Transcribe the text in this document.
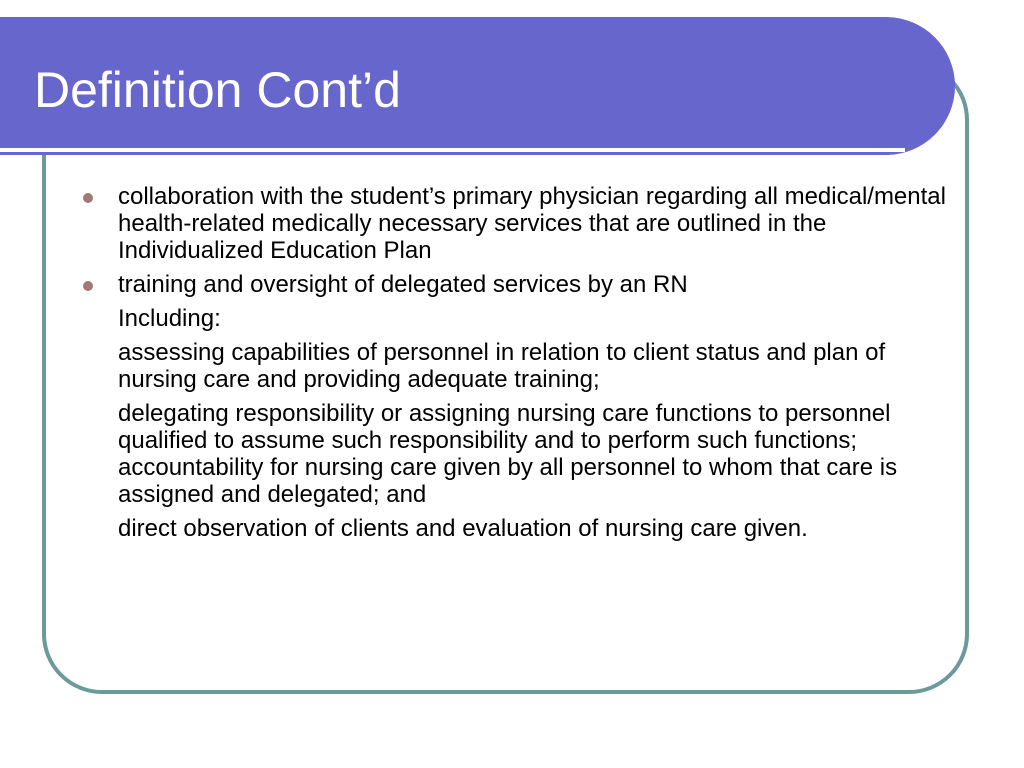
Definition Cont’d

collaboration with the student’s primary physician regarding all medical/mental health-related medically necessary services that are outlined in the Individualized Education Plan

training and oversight of delegated services by an RN

Including:

assessing capabilities of personnel in relation to client status and plan of nursing care and providing adequate training;

delegating responsibility or assigning nursing care functions to personnel qualified to assume such responsibility and to perform such functions; accountability for nursing care given by all personnel to whom that care is assigned and delegated; and

direct observation of clients and evaluation of nursing care given.
